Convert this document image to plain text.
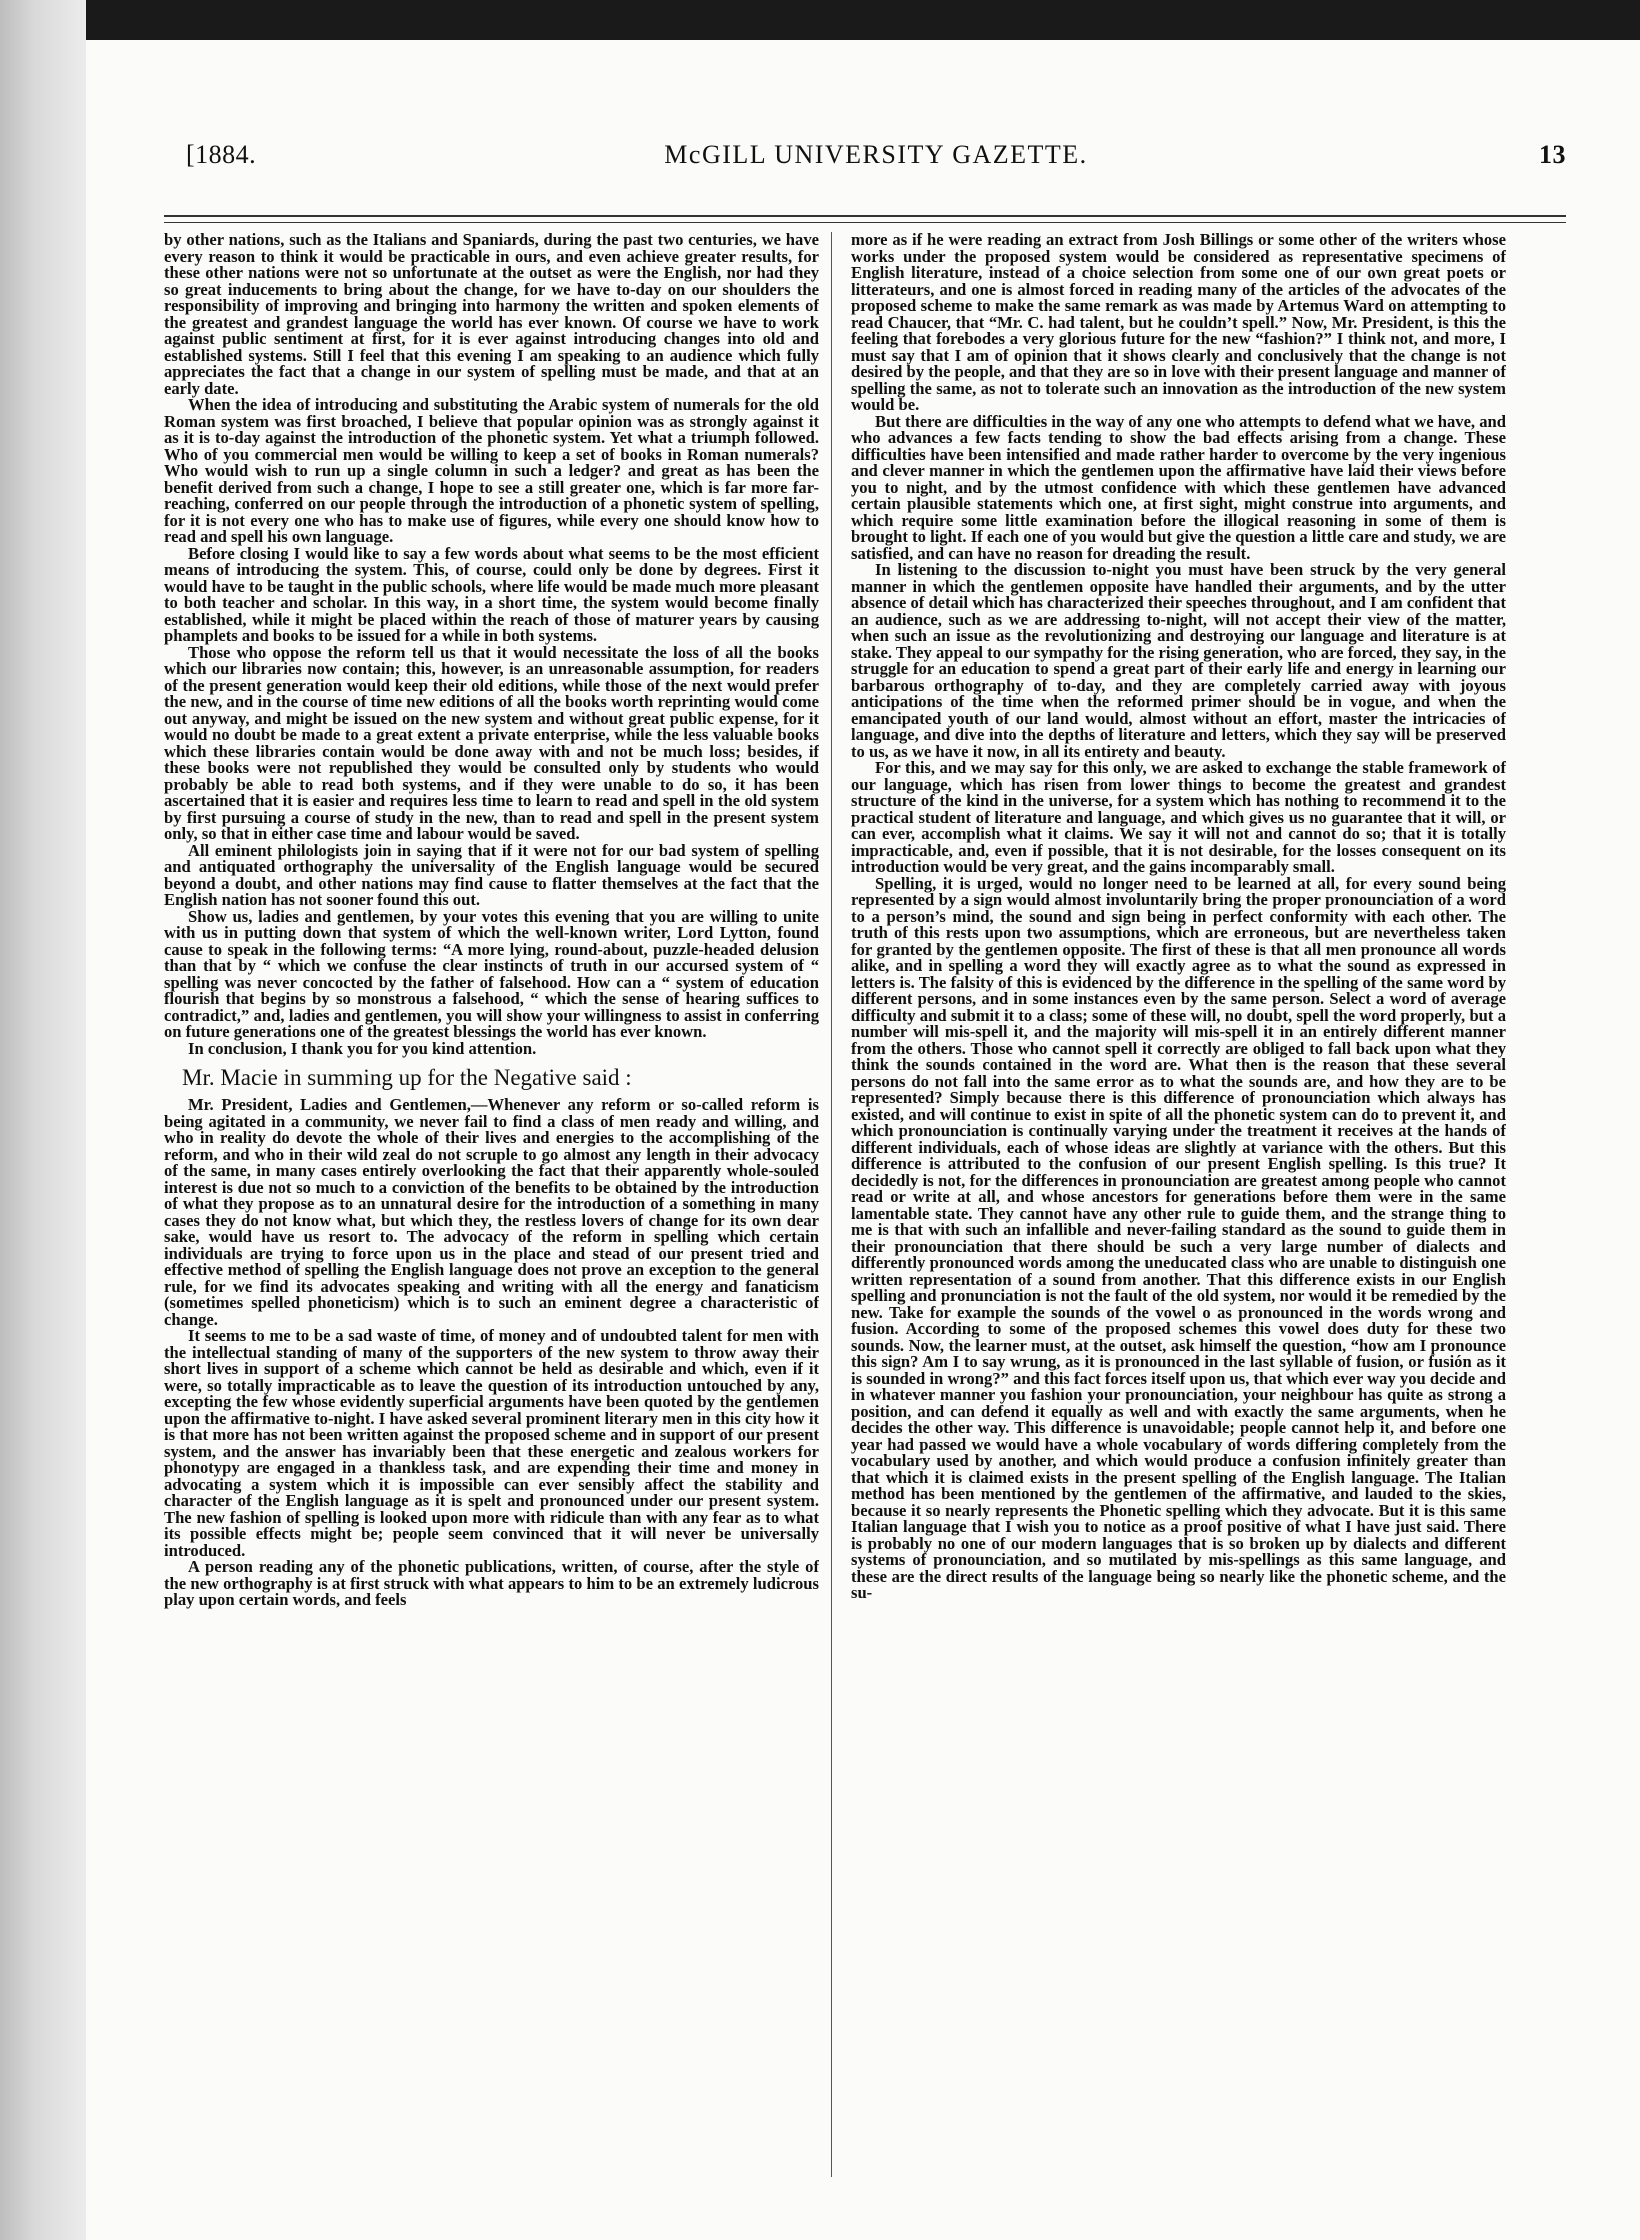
[1884.	McGILL UNIVERSITY GAZETTE.	13

by other nations, such as the Italians and Spaniards, during the past two centuries, we have every reason to think it would be practicable in ours, and even achieve greater results, for these other nations were not so unfortunate at the outset as were the English, nor had they so great inducements to bring about the change, for we have to-day on our shoulders the responsibility of improving and bringing into harmony the written and spoken elements of the greatest and grandest language the world has ever known. Of course we have to work against public sentiment at first, for it is ever against introducing changes into old and established systems. Still I feel that this evening I am speaking to an audience which fully appreciates the fact that a change in our system of spelling must be made, and that at an early date.

When the idea of introducing and substituting the Arabic system of numerals for the old Roman system was first broached, I believe that popular opinion was as strongly against it as it is to-day against the introduction of the phonetic system. Yet what a triumph followed. Who of you commercial men would be willing to keep a set of books in Roman numerals? Who would wish to run up a single column in such a ledger? and great as has been the benefit derived from such a change, I hope to see a still greater one, which is far more far-reaching, conferred on our people through the introduction of a phonetic system of spelling, for it is not every one who has to make use of figures, while every one should know how to read and spell his own language.

Before closing I would like to say a few words about what seems to be the most efficient means of introducing the system. This, of course, could only be done by degrees. First it would have to be taught in the public schools, where life would be made much more pleasant to both teacher and scholar. In this way, in a short time, the system would become finally established, while it might be placed within the reach of those of maturer years by causing phamplets and books to be issued for a while in both systems.

Those who oppose the reform tell us that it would necessitate the loss of all the books which our libraries now contain; this, however, is an unreasonable assumption, for readers of the present generation would keep their old editions, while those of the next would prefer the new, and in the course of time new editions of all the books worth reprinting would come out anyway, and might be issued on the new system and without great public expense, for it would no doubt be made to a great extent a private enterprise, while the less valuable books which these libraries contain would be done away with and not be much loss; besides, if these books were not republished they would be consulted only by students who would probably be able to read both systems, and if they were unable to do so, it has been ascertained that it is easier and requires less time to learn to read and spell in the old system by first pursuing a course of study in the new, than to read and spell in the present system only, so that in either case time and labour would be saved.

All eminent philologists join in saying that if it were not for our bad system of spelling and antiquated orthography the universality of the English language would be secured beyond a doubt, and other nations may find cause to flatter themselves at the fact that the English nation has not sooner found this out.

Show us, ladies and gentlemen, by your votes this evening that you are willing to unite with us in putting down that system of which the well-known writer, Lord Lytton, found cause to speak in the following terms: “A more lying, round-about, puzzle-headed delusion than that by “ which we confuse the clear instincts of truth in our accursed system of “ spelling was never concocted by the father of falsehood. How can a “ system of education flourish that begins by so monstrous a falsehood, “ which the sense of hearing suffices to contradict,” and, ladies and gentlemen, you will show your willingness to assist in conferring on future generations one of the greatest blessings the world has ever known.

In conclusion, I thank you for you kind attention.

Mr. Macie in summing up for the Negative said :

Mr. President, Ladies and Gentlemen,—Whenever any reform or so-called reform is being agitated in a community, we never fail to find a class of men ready and willing, and who in reality do devote the whole of their lives and energies to the accomplishing of the reform, and who in their wild zeal do not scruple to go almost any length in their advocacy of the same, in many cases entirely overlooking the fact that their apparently whole-souled interest is due not so much to a conviction of the benefits to be obtained by the introduction of what they propose as to an unnatural desire for the introduction of a something in many cases they do not know what, but which they, the restless lovers of change for its own dear sake, would have us resort to. The advocacy of the reform in spelling which certain individuals are trying to force upon us in the place and stead of our present tried and effective method of spelling the English language does not prove an exception to the general rule, for we find its advocates speaking and writing with all the energy and fanaticism (sometimes spelled phoneticism) which is to such an eminent degree a characteristic of change.

It seems to me to be a sad waste of time, of money and of undoubted talent for men with the intellectual standing of many of the supporters of the new system to throw away their short lives in support of a scheme which cannot be held as desirable and which, even if it were, so totally impracticable as to leave the question of its introduction untouched by any, excepting the few whose evidently superficial arguments have been quoted by the gentlemen upon the affirmative to-night. I have asked several prominent literary men in this city how it is that more has not been written against the proposed scheme and in support of our present system, and the answer has invariably been that these energetic and zealous workers for phonotypy are engaged in a thankless task, and are expending their time and money in advocating a system which it is impossible can ever sensibly affect the stability and character of the English language as it is spelt and pronounced under our present system. The new fashion of spelling is looked upon more with ridicule than with any fear as to what its possible effects might be; people seem convinced that it will never be universally introduced.

A person reading any of the phonetic publications, written, of course, after the style of the new orthography is at first struck with what appears to him to be an extremely ludicrous play upon certain words, and feels

more as if he were reading an extract from Josh Billings or some other of the writers whose works under the proposed system would be considered as representative specimens of English literature, instead of a choice selection from some one of our own great poets or litterateurs, and one is almost forced in reading many of the articles of the advocates of the proposed scheme to make the same remark as was made by Artemus Ward on attempting to read Chaucer, that “Mr. C. had talent, but he couldn’t spell.” Now, Mr. President, is this the feeling that forebodes a very glorious future for the new “fashion?” I think not, and more, I must say that I am of opinion that it shows clearly and conclusively that the change is not desired by the people, and that they are so in love with their present language and manner of spelling the same, as not to tolerate such an innovation as the introduction of the new system would be.

But there are difficulties in the way of any one who attempts to defend what we have, and who advances a few facts tending to show the bad effects arising from a change. These difficulties have been intensified and made rather harder to overcome by the very ingenious and clever manner in which the gentlemen upon the affirmative have laid their views before you to night, and by the utmost confidence with which these gentlemen have advanced certain plausible statements which one, at first sight, might construe into arguments, and which require some little examination before the illogical reasoning in some of them is brought to light. If each one of you would but give the question a little care and study, we are satisfied, and can have no reason for dreading the result.

In listening to the discussion to-night you must have been struck by the very general manner in which the gentlemen opposite have handled their arguments, and by the utter absence of detail which has characterized their speeches throughout, and I am confident that an audience, such as we are addressing to-night, will not accept their view of the matter, when such an issue as the revolutionizing and destroying our language and literature is at stake. They appeal to our sympathy for the rising generation, who are forced, they say, in the struggle for an education to spend a great part of their early life and energy in learning our barbarous orthography of to-day, and they are completely carried away with joyous anticipations of the time when the reformed primer should be in vogue, and when the emancipated youth of our land would, almost without an effort, master the intricacies of language, and dive into the depths of literature and letters, which they say will be preserved to us, as we have it now, in all its entirety and beauty.

For this, and we may say for this only, we are asked to exchange the stable framework of our language, which has risen from lower things to become the greatest and grandest structure of the kind in the universe, for a system which has nothing to recommend it to the practical student of literature and language, and which gives us no guarantee that it will, or can ever, accomplish what it claims. We say it will not and cannot do so; that it is totally impracticable, and, even if possible, that it is not desirable, for the losses consequent on its introduction would be very great, and the gains incomparably small.

Spelling, it is urged, would no longer need to be learned at all, for every sound being represented by a sign would almost involuntarily bring the proper pronounciation of a word to a person’s mind, the sound and sign being in perfect conformity with each other. The truth of this rests upon two assumptions, which are erroneous, but are nevertheless taken for granted by the gentlemen opposite. The first of these is that all men pronounce all words alike, and in spelling a word they will exactly agree as to what the sound as expressed in letters is. The falsity of this is evidenced by the difference in the spelling of the same word by different persons, and in some instances even by the same person. Select a word of average difficulty and submit it to a class; some of these will, no doubt, spell the word properly, but a number will mis-spell it, and the majority will mis-spell it in an entirely different manner from the others. Those who cannot spell it correctly are obliged to fall back upon what they think the sounds contained in the word are. What then is the reason that these several persons do not fall into the same error as to what the sounds are, and how they are to be represented? Simply because there is this difference of pronounciation which always has existed, and will continue to exist in spite of all the phonetic system can do to prevent it, and which pronounciation is continually varying under the treatment it receives at the hands of different individuals, each of whose ideas are slightly at variance with the others. But this difference is attributed to the confusion of our present English spelling. Is this true? It decidedly is not, for the differences in pronounciation are greatest among people who cannot read or write at all, and whose ancestors for generations before them were in the same lamentable state. They cannot have any other rule to guide them, and the strange thing to me is that with such an infallible and never-failing standard as the sound to guide them in their pronounciation that there should be such a very large number of dialects and differently pronounced words among the uneducated class who are unable to distinguish one written representation of a sound from another. That this difference exists in our English spelling and pronunciation is not the fault of the old system, nor would it be remedied by the new. Take for example the sounds of the vowel o as pronounced in the words wrong and fusion. According to some of the proposed schemes this vowel does duty for these two sounds. Now, the learner must, at the outset, ask himself the question, “how am I pronounce this sign? Am I to say wrung, as it is pronounced in the last syllable of fusion, or fusión as it is sounded in wrong?” and this fact forces itself upon us, that which ever way you decide and in whatever manner you fashion your pronounciation, your neighbour has quite as strong a position, and can defend it equally as well and with exactly the same arguments, when he decides the other way. This difference is unavoidable; people cannot help it, and before one year had passed we would have a whole vocabulary of words differing completely from the vocabulary used by another, and which would produce a confusion infinitely greater than that which it is claimed exists in the present spelling of the English language. The Italian method has been mentioned by the gentlemen of the affirmative, and lauded to the skies, because it so nearly represents the Phonetic spelling which they advocate. But it is this same Italian language that I wish you to notice as a proof positive of what I have just said. There is probably no one of our modern languages that is so broken up by dialects and different systems of pronounciation, and so mutilated by mis-spellings as this same language, and these are the direct results of the language being so nearly like the phonetic scheme, and the su-
